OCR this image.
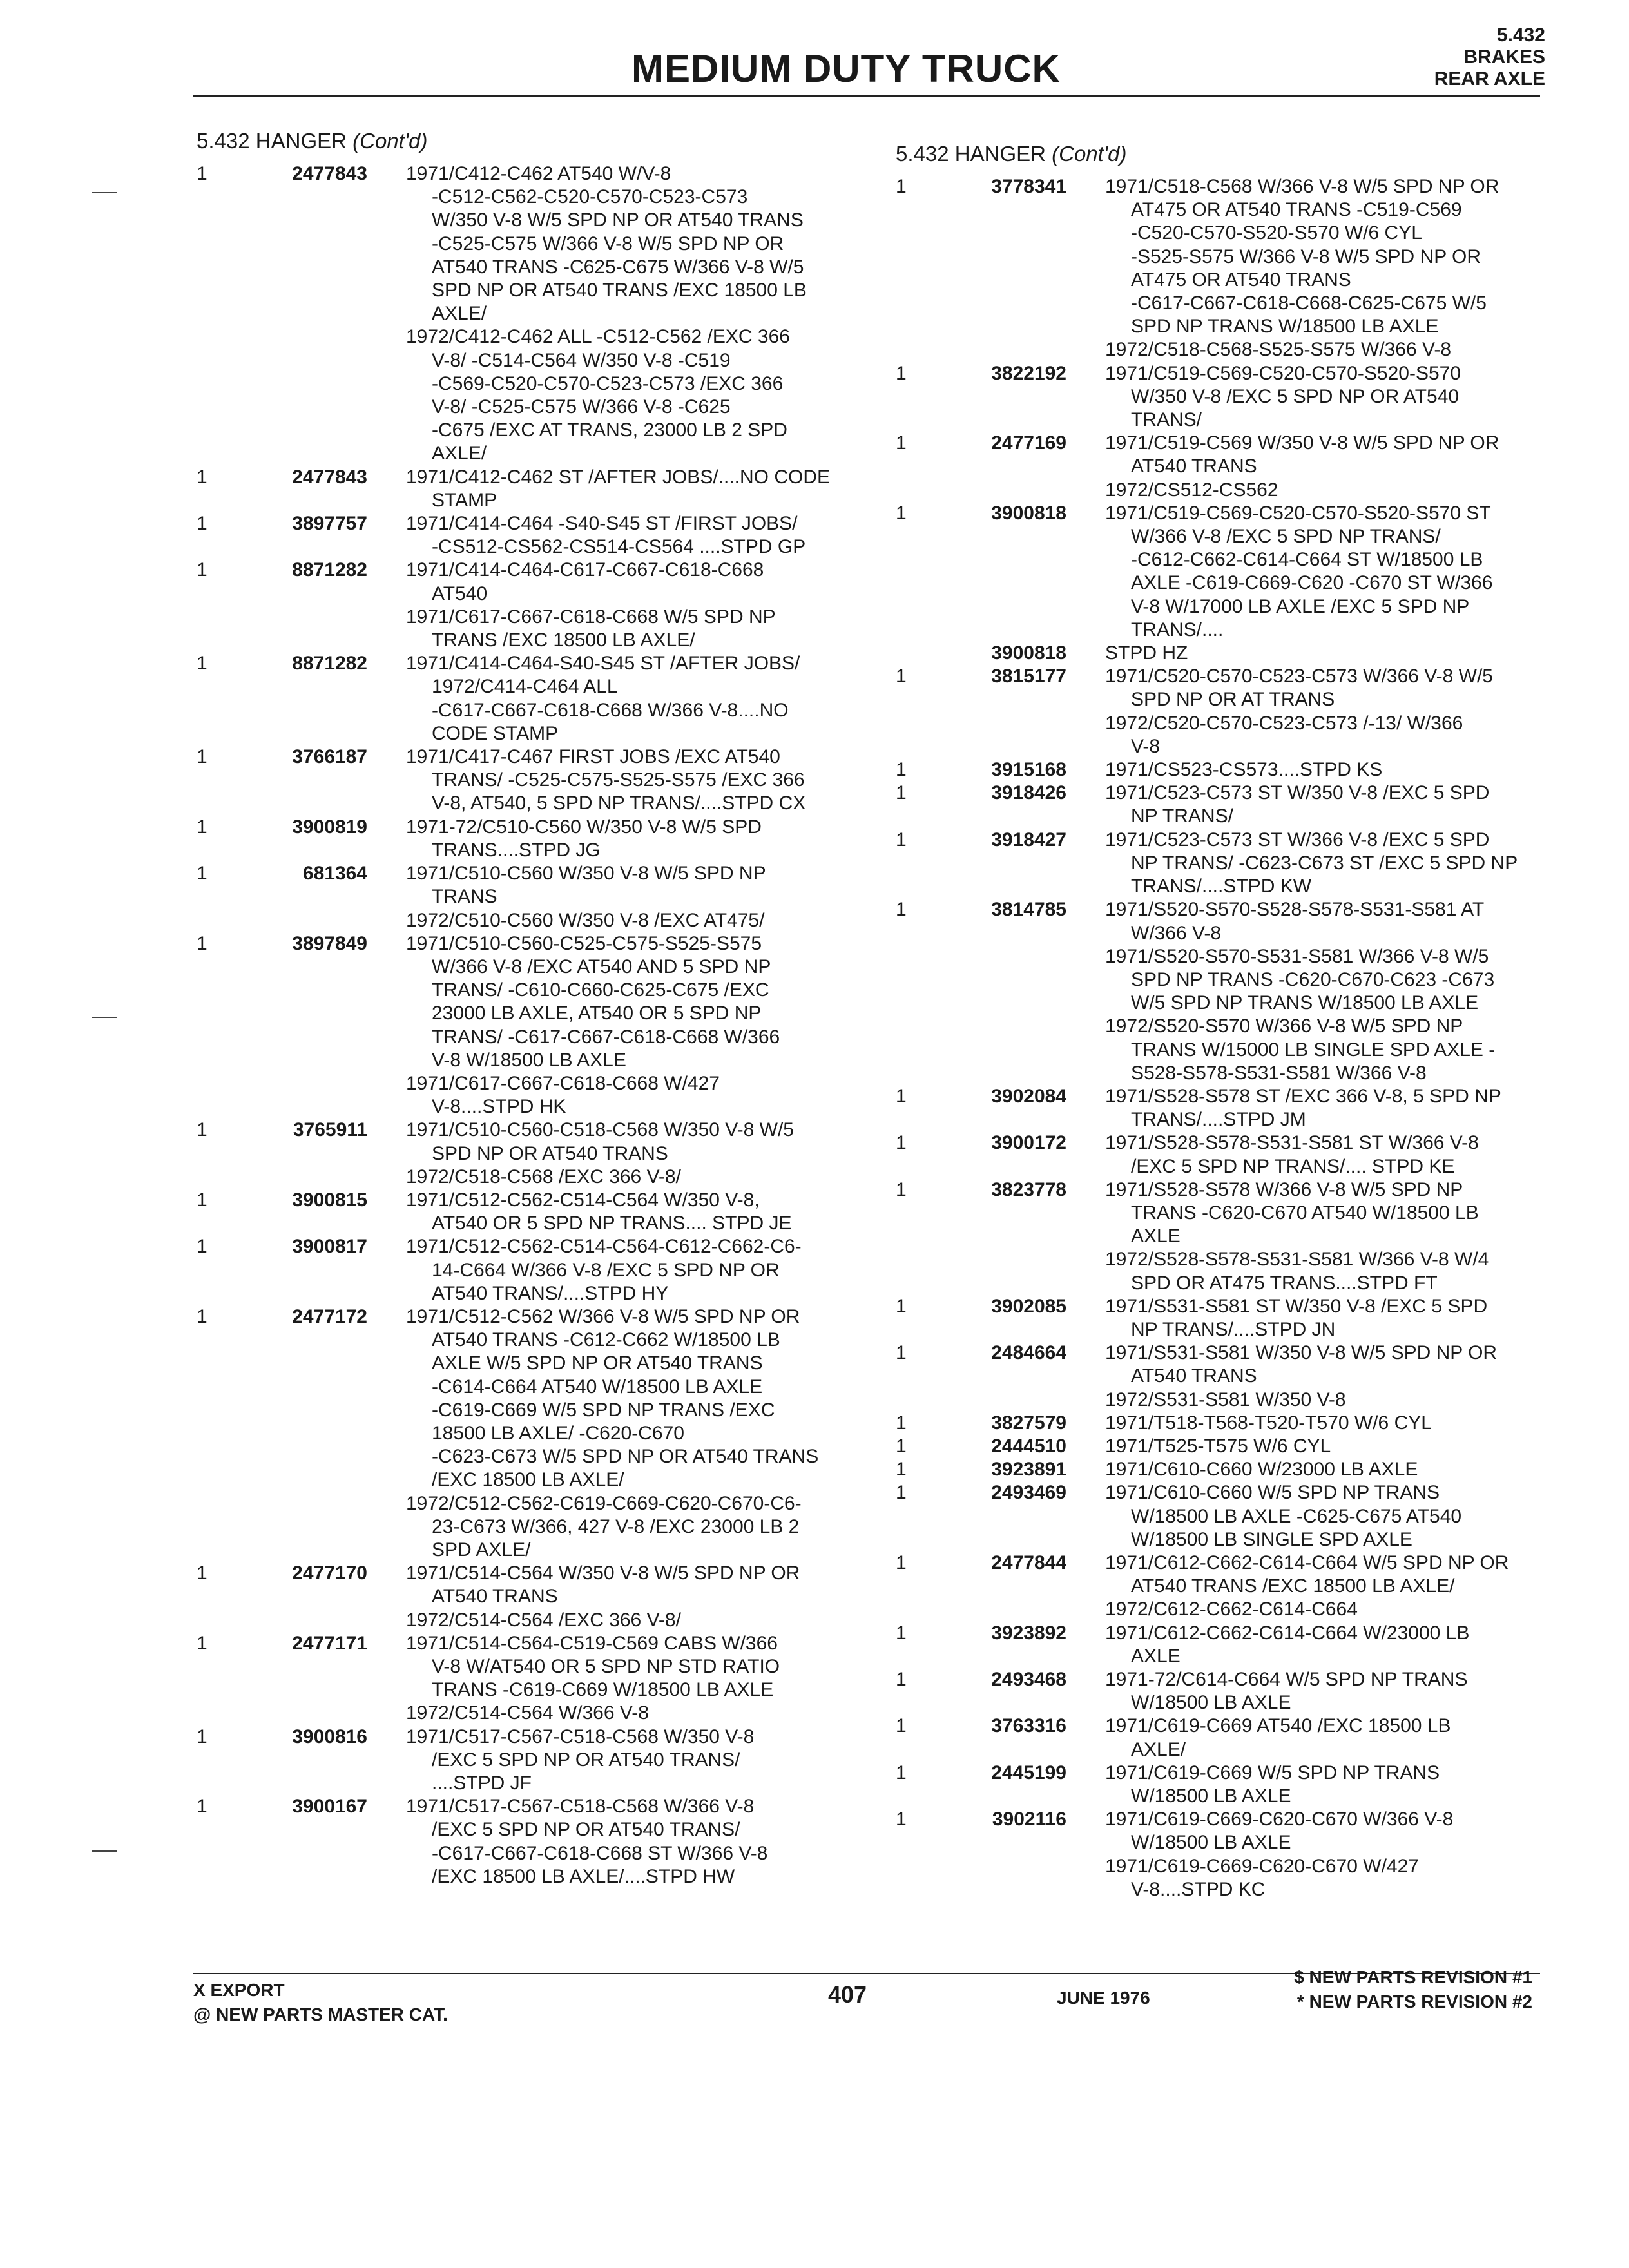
MEDIUM DUTY TRUCK
5.432
BRAKES
REAR AXLE
5.432 HANGER (Cont'd)
1	2477843	1971/C412-C462 AT540 W/V-8
-C512-C562-C520-C570-C523-C573
W/350 V-8 W/5 SPD NP OR AT540 TRANS
-C525-C575 W/366 V-8 W/5 SPD NP OR
AT540 TRANS -C625-C675 W/366 V-8 W/5
SPD NP OR AT540 TRANS /EXC 18500 LB
AXLE/
1972/C412-C462 ALL -C512-C562 /EXC 366
V-8/ -C514-C564 W/350 V-8 -C519
-C569-C520-C570-C523-C573 /EXC 366
V-8/ -C525-C575 W/366 V-8 -C625
-C675 /EXC AT TRANS, 23000 LB 2 SPD
AXLE/
1	2477843	1971/C412-C462 ST /AFTER JOBS/....NO CODE
STAMP
1	3897757	1971/C414-C464 -S40-S45 ST /FIRST JOBS/
-CS512-CS562-CS514-CS564 ....STPD GP
1	8871282	1971/C414-C464-C617-C667-C618-C668
AT540
1971/C617-C667-C618-C668 W/5 SPD NP
TRANS /EXC 18500 LB AXLE/
1	8871282	1971/C414-C464-S40-S45 ST /AFTER JOBS/
1972/C414-C464 ALL
-C617-C667-C618-C668 W/366 V-8....NO
CODE STAMP
1	3766187	1971/C417-C467 FIRST JOBS /EXC AT540
TRANS/ -C525-C575-S525-S575 /EXC 366
V-8, AT540, 5 SPD NP TRANS/....STPD CX
1	3900819	1971-72/C510-C560 W/350 V-8 W/5 SPD
TRANS....STPD JG
1	681364	1971/C510-C560 W/350 V-8 W/5 SPD NP
TRANS
1972/C510-C560 W/350 V-8 /EXC AT475/
1	3897849	1971/C510-C560-C525-C575-S525-S575
W/366 V-8 /EXC AT540 AND 5 SPD NP
TRANS/ -C610-C660-C625-C675 /EXC
23000 LB AXLE, AT540 OR 5 SPD NP
TRANS/ -C617-C667-C618-C668 W/366
V-8 W/18500 LB AXLE
1971/C617-C667-C618-C668 W/427
V-8....STPD HK
1	3765911	1971/C510-C560-C518-C568 W/350 V-8 W/5
SPD NP OR AT540 TRANS
1972/C518-C568 /EXC 366 V-8/
1	3900815	1971/C512-C562-C514-C564 W/350 V-8,
AT540 OR 5 SPD NP TRANS.... STPD JE
1	3900817	1971/C512-C562-C514-C564-C612-C662-C6-
14-C664 W/366 V-8 /EXC 5 SPD NP OR
AT540 TRANS/....STPD HY
1	2477172	1971/C512-C562 W/366 V-8 W/5 SPD NP OR
AT540 TRANS -C612-C662 W/18500 LB
AXLE W/5 SPD NP OR AT540 TRANS
-C614-C664 AT540 W/18500 LB AXLE
-C619-C669 W/5 SPD NP TRANS /EXC
18500 LB AXLE/ -C620-C670
-C623-C673 W/5 SPD NP OR AT540 TRANS
/EXC 18500 LB AXLE/
1972/C512-C562-C619-C669-C620-C670-C6-
23-C673 W/366, 427 V-8 /EXC 23000 LB 2
SPD AXLE/
1	2477170	1971/C514-C564 W/350 V-8 W/5 SPD NP OR
AT540 TRANS
1972/C514-C564 /EXC 366 V-8/
1	2477171	1971/C514-C564-C519-C569 CABS W/366
V-8 W/AT540 OR 5 SPD NP STD RATIO
TRANS -C619-C669 W/18500 LB AXLE
1972/C514-C564 W/366 V-8
1	3900816	1971/C517-C567-C518-C568 W/350 V-8
/EXC 5 SPD NP OR AT540 TRANS/
....STPD JF
1	3900167	1971/C517-C567-C518-C568 W/366 V-8
/EXC 5 SPD NP OR AT540 TRANS/
-C617-C667-C618-C668 ST W/366 V-8
/EXC 18500 LB AXLE/....STPD HW
5.432 HANGER (Cont'd)
1	3778341	1971/C518-C568 W/366 V-8 W/5 SPD NP OR
AT475 OR AT540 TRANS -C519-C569
-C520-C570-S520-S570 W/6 CYL
-S525-S575 W/366 V-8 W/5 SPD NP OR
AT475 OR AT540 TRANS
-C617-C667-C618-C668-C625-C675 W/5
SPD NP TRANS W/18500 LB AXLE
1972/C518-C568-S525-S575 W/366 V-8
1	3822192	1971/C519-C569-C520-C570-S520-S570
W/350 V-8 /EXC 5 SPD NP OR AT540
TRANS/
1	2477169	1971/C519-C569 W/350 V-8 W/5 SPD NP OR
AT540 TRANS
1972/CS512-CS562
1	3900818	1971/C519-C569-C520-C570-S520-S570 ST
W/366 V-8 /EXC 5 SPD NP TRANS/
-C612-C662-C614-C664 ST W/18500 LB
AXLE -C619-C669-C620 -C670 ST W/366
V-8 W/17000 LB AXLE /EXC 5 SPD NP
TRANS/....
3900818	STPD HZ
1	3815177	1971/C520-C570-C523-C573 W/366 V-8 W/5
SPD NP OR AT TRANS
1972/C520-C570-C523-C573 /-13/ W/366
V-8
1	3915168	1971/CS523-CS573....STPD KS
1	3918426	1971/C523-C573 ST W/350 V-8 /EXC 5 SPD
NP TRANS/
1	3918427	1971/C523-C573 ST W/366 V-8 /EXC 5 SPD
NP TRANS/ -C623-C673 ST /EXC 5 SPD NP
TRANS/....STPD KW
1	3814785	1971/S520-S570-S528-S578-S531-S581 AT
W/366 V-8
1971/S520-S570-S531-S581 W/366 V-8 W/5
SPD NP TRANS -C620-C670-C623 -C673
W/5 SPD NP TRANS W/18500 LB AXLE
1972/S520-S570 W/366 V-8 W/5 SPD NP
TRANS W/15000 LB SINGLE SPD AXLE -
S528-S578-S531-S581 W/366 V-8
1	3902084	1971/S528-S578 ST /EXC 366 V-8, 5 SPD NP
TRANS/....STPD JM
1	3900172	1971/S528-S578-S531-S581 ST W/366 V-8
/EXC 5 SPD NP TRANS/.... STPD KE
1	3823778	1971/S528-S578 W/366 V-8 W/5 SPD NP
TRANS -C620-C670 AT540 W/18500 LB
AXLE
1972/S528-S578-S531-S581 W/366 V-8 W/4
SPD OR AT475 TRANS....STPD FT
1	3902085	1971/S531-S581 ST W/350 V-8 /EXC 5 SPD
NP TRANS/....STPD JN
1	2484664	1971/S531-S581 W/350 V-8 W/5 SPD NP OR
AT540 TRANS
1972/S531-S581 W/350 V-8
1	3827579	1971/T518-T568-T520-T570 W/6 CYL
1	2444510	1971/T525-T575 W/6 CYL
1	3923891	1971/C610-C660 W/23000 LB AXLE
1	2493469	1971/C610-C660 W/5 SPD NP TRANS
W/18500 LB AXLE -C625-C675 AT540
W/18500 LB SINGLE SPD AXLE
1	2477844	1971/C612-C662-C614-C664 W/5 SPD NP OR
AT540 TRANS /EXC 18500 LB AXLE/
1972/C612-C662-C614-C664
1	3923892	1971/C612-C662-C614-C664 W/23000 LB
AXLE
1	2493468	1971-72/C614-C664 W/5 SPD NP TRANS
W/18500 LB AXLE
1	3763316	1971/C619-C669 AT540 /EXC 18500 LB
AXLE/
1	2445199	1971/C619-C669 W/5 SPD NP TRANS
W/18500 LB AXLE
1	3902116	1971/C619-C669-C620-C670 W/366 V-8
W/18500 LB AXLE
1971/C619-C669-C620-C670 W/427
V-8....STPD KC
X EXPORT
@ NEW PARTS MASTER CAT.
407	JUNE 1976
$ NEW PARTS REVISION #1
* NEW PARTS REVISION #2
